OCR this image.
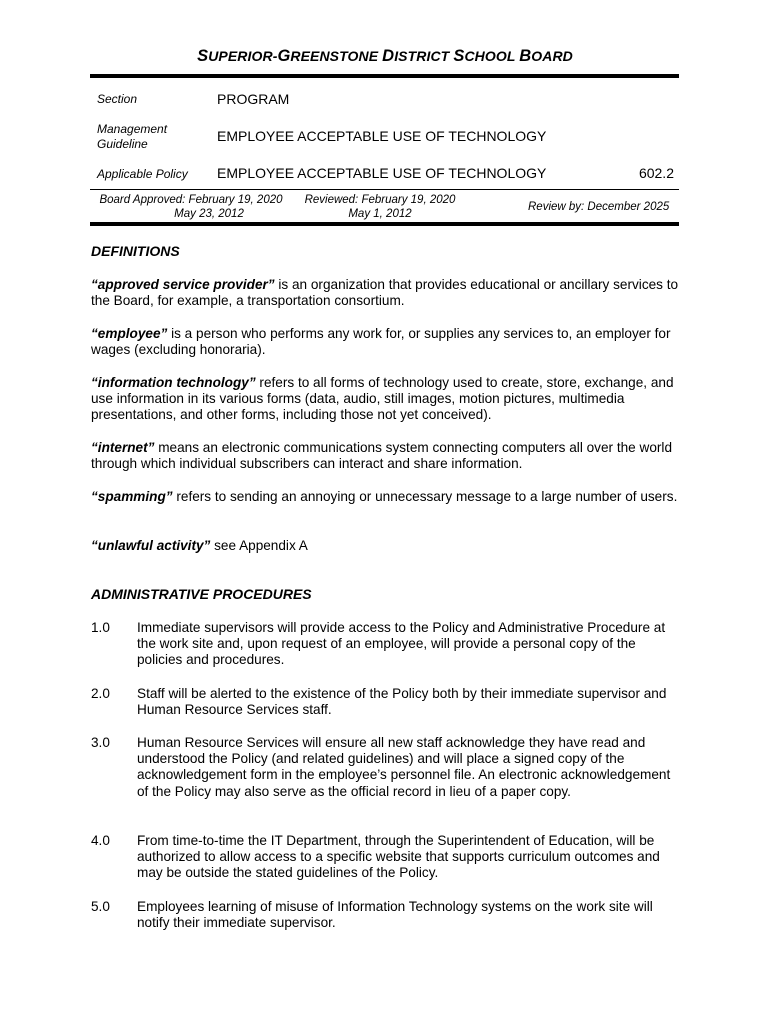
SUPERIOR-GREENSTONE DISTRICT SCHOOL BOARD
Section	PROGRAM
Management
Guideline	EMPLOYEE ACCEPTABLE USE OF TECHNOLOGY
Applicable Policy EMPLOYEE ACCEPTABLE USE OF TECHNOLOGY	602.2
Board Approved: February 19, 2020
May 23, 2012
Reviewed: February 19, 2020
May 1, 2012
Review by: December 2025
DEFINITIONS
“approved service provider” is an organization that provides educational or ancillary services to the Board, for example, a transportation consortium.
“employee” is a person who performs any work for, or supplies any services to, an employer for wages (excluding honoraria).
“information technology” refers to all forms of technology used to create, store, exchange, and use information in its various forms (data, audio, still images, motion pictures, multimedia presentations, and other forms, including those not yet conceived).
“internet” means an electronic communications system connecting computers all over the world through which individual subscribers can interact and share information.
“spamming” refers to sending an annoying or unnecessary message to a large number of users.
“unlawful activity” see Appendix A
ADMINISTRATIVE PROCEDURES
1.0 Immediate supervisors will provide access to the Policy and Administrative Procedure at the work site and, upon request of an employee, will provide a personal copy of the policies and procedures.
2.0 Staff will be alerted to the existence of the Policy both by their immediate supervisor and Human Resource Services staff.
3.0 Human Resource Services will ensure all new staff acknowledge they have read and understood the Policy (and related guidelines) and will place a signed copy of the acknowledgement form in the employee’s personnel file. An electronic acknowledgement of the Policy may also serve as the official record in lieu of a paper copy.
4.0 From time-to-time the IT Department, through the Superintendent of Education, will be authorized to allow access to a specific website that supports curriculum outcomes and may be outside the stated guidelines of the Policy.
5.0 Employees learning of misuse of Information Technology systems on the work site will notify their immediate supervisor.
